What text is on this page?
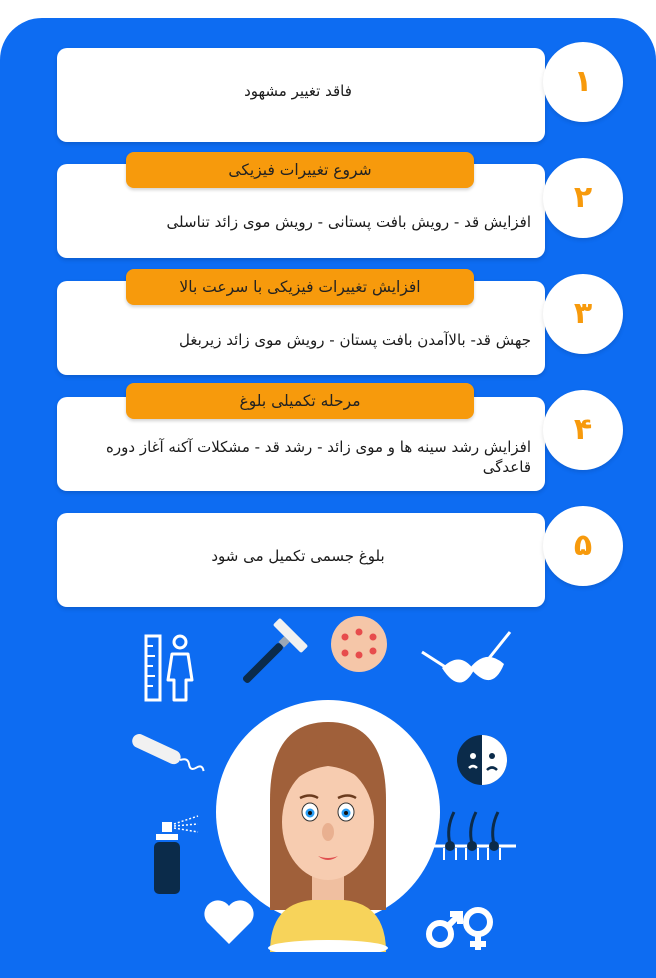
فاقد تغییر مشهود	۱
افزایش قد - رویش بافت پستانی - رویش موی زائد تناسلی
شروع تغییرات فیزیکی
۲
جهش قد- بالاآمدن بافت پستان - رویش موی زائد زیربغل
افزایش تغییرات فیزیکی با سرعت بالا
۳
افزایش رشد سینه ها و موی زائد - رشد قد - مشکلات آکنه آغاز دوره قاعدگی
مرحله تکمیلی بلوغ
۴
بلوغ جسمی تکمیل می شود	۵
